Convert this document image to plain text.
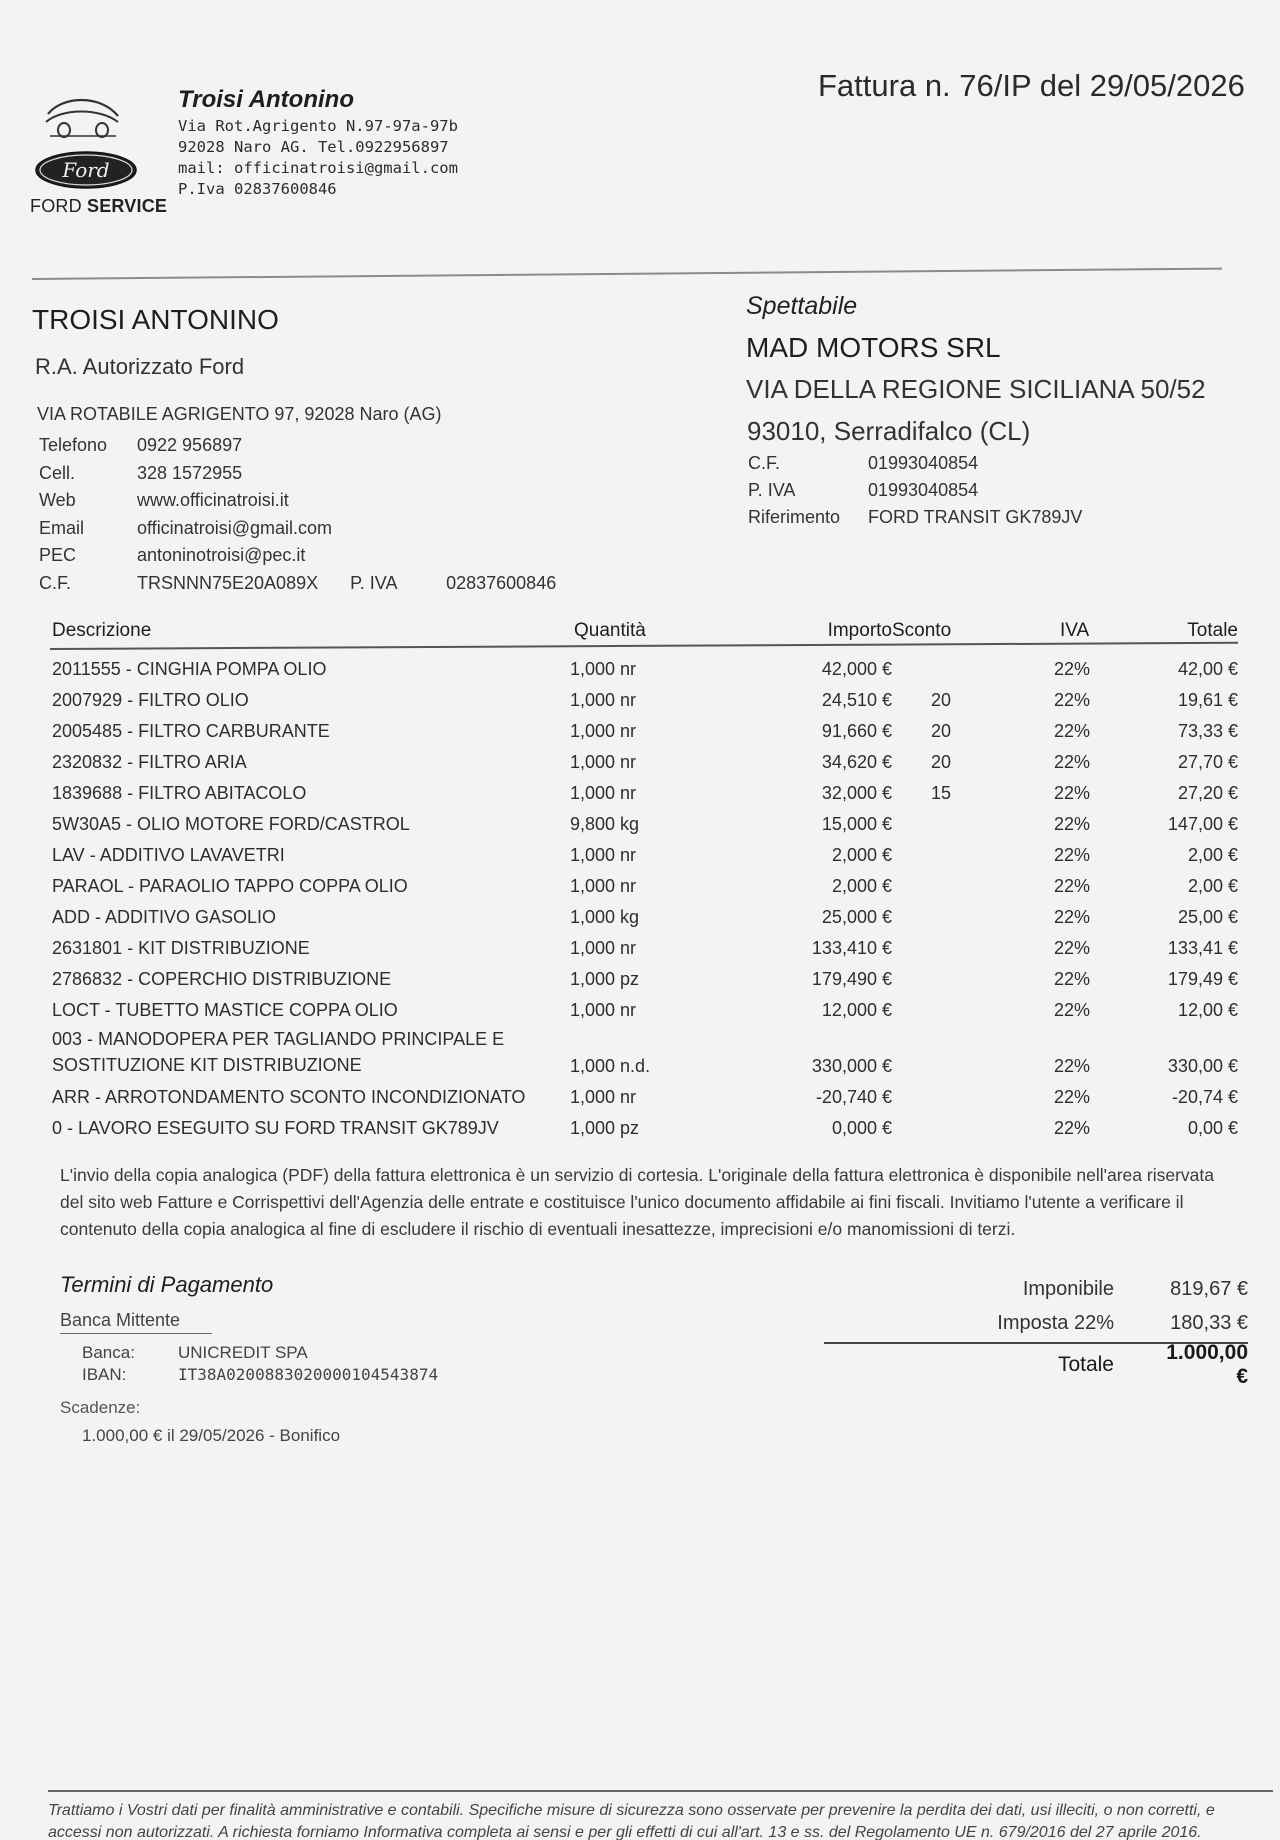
Ford
FORD SERVICE
Troisi Antonino
Via Rot.Agrigento N.97-97a-97b
92028 Naro AG. Tel.0922956897
mail: officinatroisi@gmail.com
P.Iva 02837600846
Fattura n. 76/IP del 29/05/2026
TROISI ANTONINO
R.A. Autorizzato Ford
VIA ROTABILE AGRIGENTO 97, 92028 Naro (AG)
Telefono	0922 956897
Cell.	328 1572955
Web	www.officinatroisi.it
Email	officinatroisi@gmail.com
PEC	antoninotroisi@pec.it
C.F.	TRSNNN75E20A089X P. IVA	02837600846
Spettabile
MAD MOTORS SRL
VIA DELLA REGIONE SICILIANA 50/52
93010, Serradifalco (CL)
C.F.	01993040854
P. IVA	01993040854
Riferimento	FORD TRANSIT GK789JV
Descrizione	Quantità	Importo Sconto	IVA	Totale
2011555 - CINGHIA POMPA OLIO	1,000 nr	42,000 €	22%	42,00 €
2007929 - FILTRO OLIO	1,000 nr	24,510 € 20	22%	19,61 €
2005485 - FILTRO CARBURANTE	1,000 nr	91,660 € 20	22%	73,33 €
2320832 - FILTRO ARIA	1,000 nr	34,620 € 20	22%	27,70 €
1839688 - FILTRO ABITACOLO	1,000 nr	32,000 € 15	22%	27,20 €
5W30A5 - OLIO MOTORE FORD/CASTROL	9,800 kg	15,000 €	22%	147,00 €
LAV - ADDITIVO LAVAVETRI	1,000 nr	2,000 €	22%	2,00 €
PARAOL - PARAOLIO TAPPO COPPA OLIO	1,000 nr	2,000 €	22%	2,00 €
ADD - ADDITIVO GASOLIO	1,000 kg	25,000 €	22%	25,00 €
2631801 - KIT DISTRIBUZIONE	1,000 nr	133,410 €	22%	133,41 €
2786832 - COPERCHIO DISTRIBUZIONE	1,000 pz	179,490 €	22%	179,49 €
LOCT - TUBETTO MASTICE COPPA OLIO	1,000 nr	12,000 €	22%	12,00 €
003 - MANODOPERA PER TAGLIANDO PRINCIPALE E
SOSTITUZIONE KIT DISTRIBUZIONE	1,000 n.d.	330,000 €	22%	330,00 €
ARR - ARROTONDAMENTO SCONTO INCONDIZIONATO 1,000 nr	-20,740 €	22%	-20,74 €
0 - LAVORO ESEGUITO SU FORD TRANSIT GK789JV	1,000 pz	0,000 €	22%	0,00 €
L'invio della copia analogica (PDF) della fattura elettronica è un servizio di cortesia. L'originale della fattura elettronica è disponibile nell'area riservata del sito web Fatture e Corrispettivi dell'Agenzia delle entrate e costituisce l'unico documento affidabile ai fini fiscali. Invitiamo l'utente a verificare il contenuto della copia analogica al fine di escludere il rischio di eventuali inesattezze, imprecisioni e/o manomissioni di terzi.
Termini di Pagamento
Banca Mittente
Banca:	UNICREDIT SPA
IBAN:	IT38A0200883020000104543874
Scadenze:
1.000,00 € il 29/05/2026 - Bonifico
Imponibile	819,67 €
Imposta 22%	180,33 €
Totale
1.000,00 €
Trattiamo i Vostri dati per finalità amministrative e contabili. Specifiche misure di sicurezza sono osservate per prevenire la perdita dei dati, usi illeciti, o non corretti, e
accessi non autorizzati. A richiesta forniamo Informativa completa ai sensi e per gli effetti di cui all'art. 13 e ss. del Regolamento UE n. 679/2016 del 27 aprile 2016.
